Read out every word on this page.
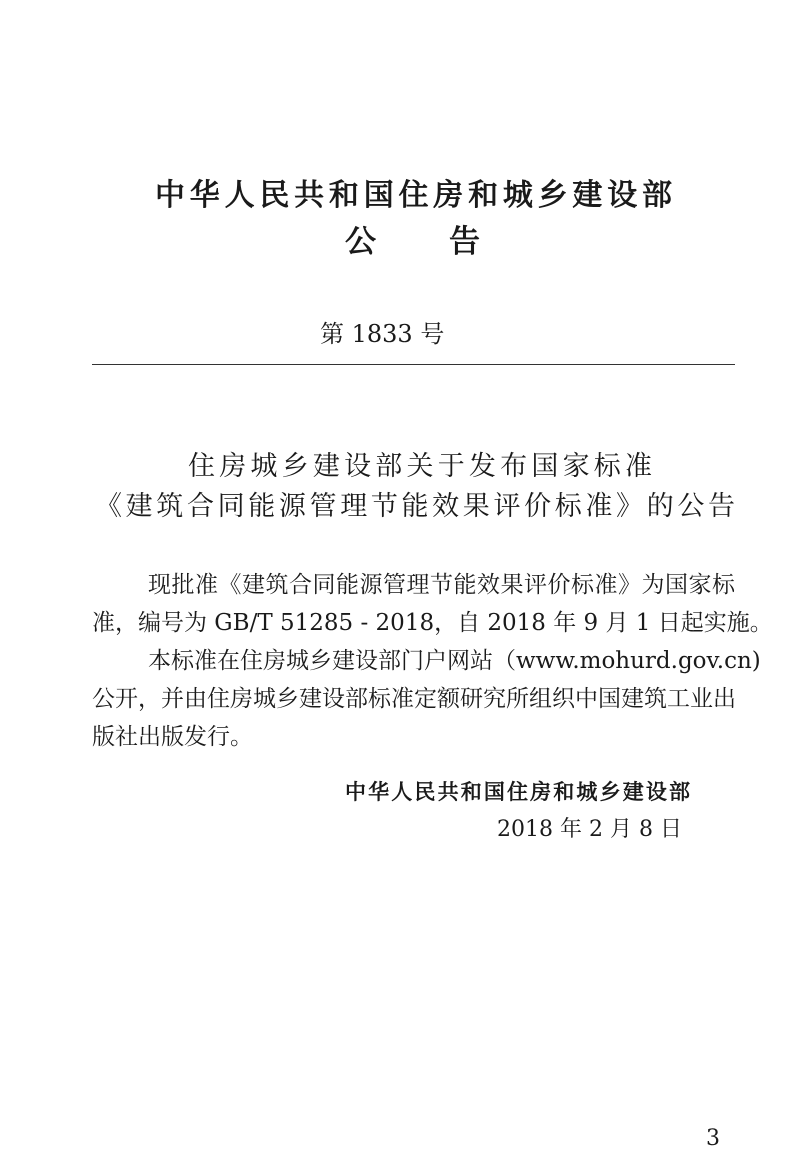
中华人民共和国住房和城乡建设部
公告
第 1833 号
住房城乡建设部关于发布国家标准
《建筑合同能源管理节能效果评价标准》的公告
现批准《建筑合同能源管理节能效果评价标准》为国家标
准，编号为 GB/T 51285 - 2018，自 2018 年 9 月 1 日起实施。
本标准在住房城乡建设部门户网站（www.mohurd.gov.cn)
公开，并由住房城乡建设部标准定额研究所组织中国建筑工业出
版社出版发行。
中华人民共和国住房和城乡建设部
2018 年 2 月 8 日
3
